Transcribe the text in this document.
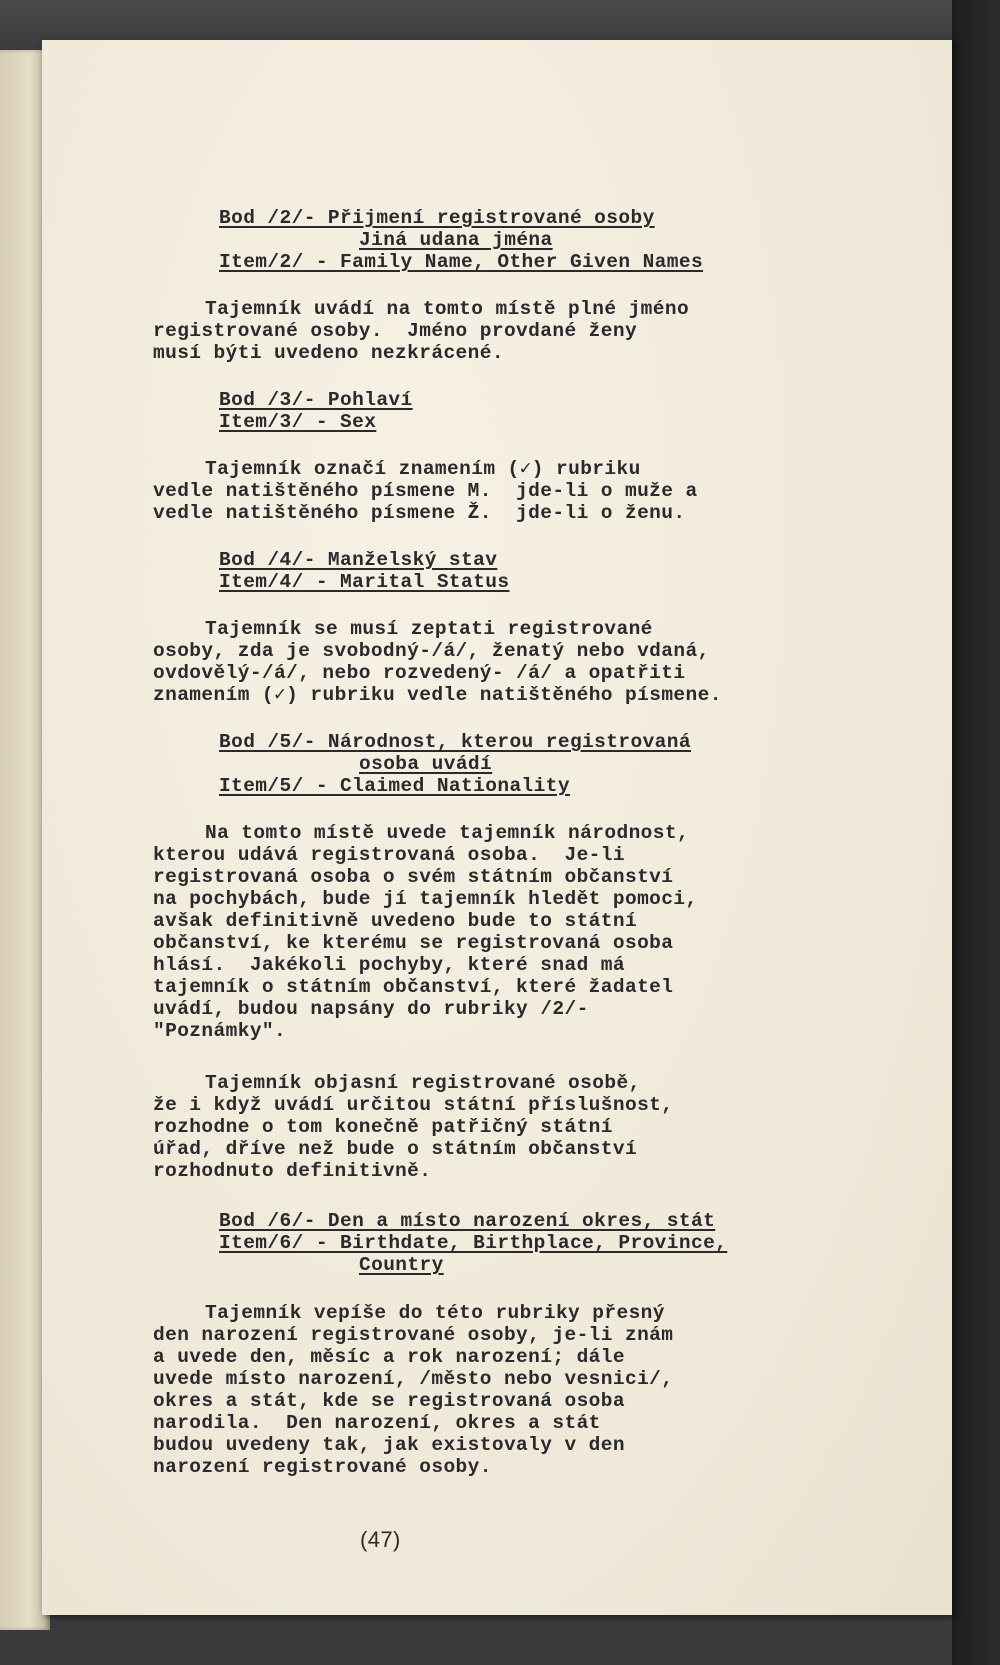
Bod /2/- Přijmení registrované osoby
Jiná udana jména
Item/2/ - Family Name, Other Given Names
Tajemník uvádí na tomto místě plné jméno
registrované osoby.  Jméno provdané ženy
musí býti uvedeno nezkrácené.
Bod /3/- Pohlaví
Item/3/ - Sex
Tajemník označí znamením (✓) rubriku
vedle natištěného písmene M.  jde-li o muže a
vedle natištěného písmene Ž.  jde-li o ženu.
Bod /4/- Manželský stav
Item/4/ - Marital Status
Tajemník se musí zeptati registrované
osoby, zda je svobodný-/á/, ženatý nebo vdaná,
ovdovělý-/á/, nebo rozvedený- /á/ a opatřiti
znamením (✓) rubriku vedle natištěného písmene.
Bod /5/- Národnost, kterou registrovaná
osoba uvádí
Item/5/ - Claimed Nationality
Na tomto místě uvede tajemník národnost,
kterou udává registrovaná osoba.  Je-li
registrovaná osoba o svém státním občanství
na pochybách, bude jí tajemník hledět pomoci,
avšak definitivně uvedeno bude to státní
občanství, ke kterému se registrovaná osoba
hlásí.  Jakékoli pochyby, které snad má
tajemník o státním občanství, které žadatel
uvádí, budou napsány do rubriky /2/-
"Poznámky".
Tajemník objasní registrované osobě,
že i když uvádí určitou státní příslušnost,
rozhodne o tom konečně patřičný státní
úřad, dříve než bude o státním občanství
rozhodnuto definitivně.
Bod /6/- Den a místo narození okres, stát
Item/6/ - Birthdate, Birthplace, Province,
Country
Tajemník vepíše do této rubriky přesný
den narození registrované osoby, je-li znám
a uvede den, měsíc a rok narození; dále
uvede místo narození, /město nebo vesnici/,
okres a stát, kde se registrovaná osoba
narodila.  Den narození, okres a stát
budou uvedeny tak, jak existovaly v den
narození registrované osoby.
(47)
